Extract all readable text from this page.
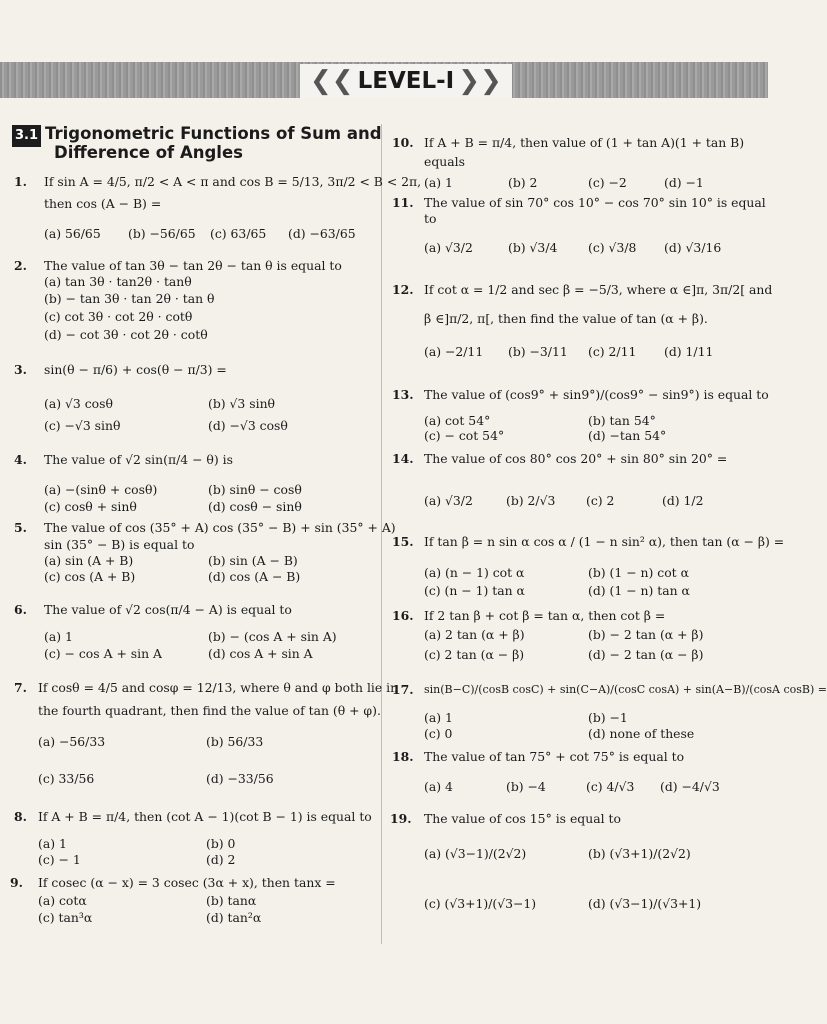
❮❮ LEVEL-I ❯❯
3.1 Trigonometric Functions of Sum and
Difference of Angles
1. If sin A = 4/5, π/2 < A < π and cos B = 5/13, 3π/2 < B < 2π,
then cos (A − B) =
(a) 56/65 (b) −56/65 (c) 63/65 (d) −63/65
2. The value of tan 3θ − tan 2θ − tan θ is equal to
(a) tan 3θ · tan2θ · tanθ
(b) − tan 3θ · tan 2θ · tan θ
(c) cot 3θ · cot 2θ · cotθ
(d) − cot 3θ · cot 2θ · cotθ
3. sin(θ − π/6) + cos(θ − π/3) =
(a) √3 cosθ	(b) √3 sinθ
(c) −√3 sinθ	(d) −√3 cosθ
4. The value of √2 sin(π/4 − θ) is
(a) −(sinθ + cosθ)	(b) sinθ − cosθ
(c) cosθ + sinθ	(d) cosθ − sinθ
5. The value of cos (35° + A) cos (35° − B) + sin (35° + A)
sin (35° − B) is equal to
(a) sin (A + B)	(b) sin (A − B)
(c) cos (A + B)	(d) cos (A − B)
6. The value of √2 cos(π/4 − A) is equal to
(a) 1	(b) − (cos A + sin A)
(c) − cos A + sin A	(d) cos A + sin A
7. If cosθ = 4/5 and cosφ = 12/13, where θ and φ both lie in
the fourth quadrant, then find the value of tan (θ + φ).
(a) −56/33	(b) 56/33
(c) 33/56	(d) −33/56
8. If A + B = π/4, then (cot A − 1)(cot B − 1) is equal to
(a) 1	(b) 0
(c) − 1	(d) 2
9. If cosec (α − x) = 3 cosec (3α + x), then tanx =
(a) cotα	(b) tanα
(c) tan³α	(d) tan²α
10. If A + B = π/4, then value of (1 + tan A)(1 + tan B)
equals
(a) 1	(b) 2	(c) −2	(d) −1
11. The value of sin 70° cos 10° − cos 70° sin 10° is equal
to
(a) √3/2	(b) √3/4 (c) √3/8 (d) √3/16
12. If cot α = 1/2 and sec β = −5/3, where α ∈]π, 3π/2[ and
β ∈]π/2, π[, then find the value of tan (α + β).
(a) −2/11 (b) −3/11 (c) 2/11 (d) 1/11
13. The value of (cos9° + sin9°)/(cos9° − sin9°) is equal to
(a) cot 54°	(b) tan 54°
(c) − cot 54°	(d) −tan 54°
14. The value of cos 80° cos 20° + sin 80° sin 20° =
(a) √3/2	(b) 2/√3 (c) 2	(d) 1/2
15. If tan β = n sin α cos α / (1 − n sin² α), then tan (α − β) =
(a) (n − 1) cot α	(b) (1 − n) cot α
(c) (n − 1) tan α	(d) (1 − n) tan α
16. If 2 tan β + cot β = tan α, then cot β =
(a) 2 tan (α + β)	(b) − 2 tan (α + β)
(c) 2 tan (α − β)	(d) − 2 tan (α − β)
17. sin(B−C)/(cosB cosC) + sin(C−A)/(cosC cosA) + sin(A−B)/(cosA cosB) =
(a) 1	(b) −1
(c) 0	(d) none of these
18. The value of tan 75° + cot 75° is equal to
(a) 4	(b) −4	(c) 4/√3 (d) −4/√3
19. The value of cos 15° is equal to
(a) (√3−1)/(2√2)	(b) (√3+1)/(2√2)
(c) (√3+1)/(√3−1)	(d) (√3−1)/(√3+1)
